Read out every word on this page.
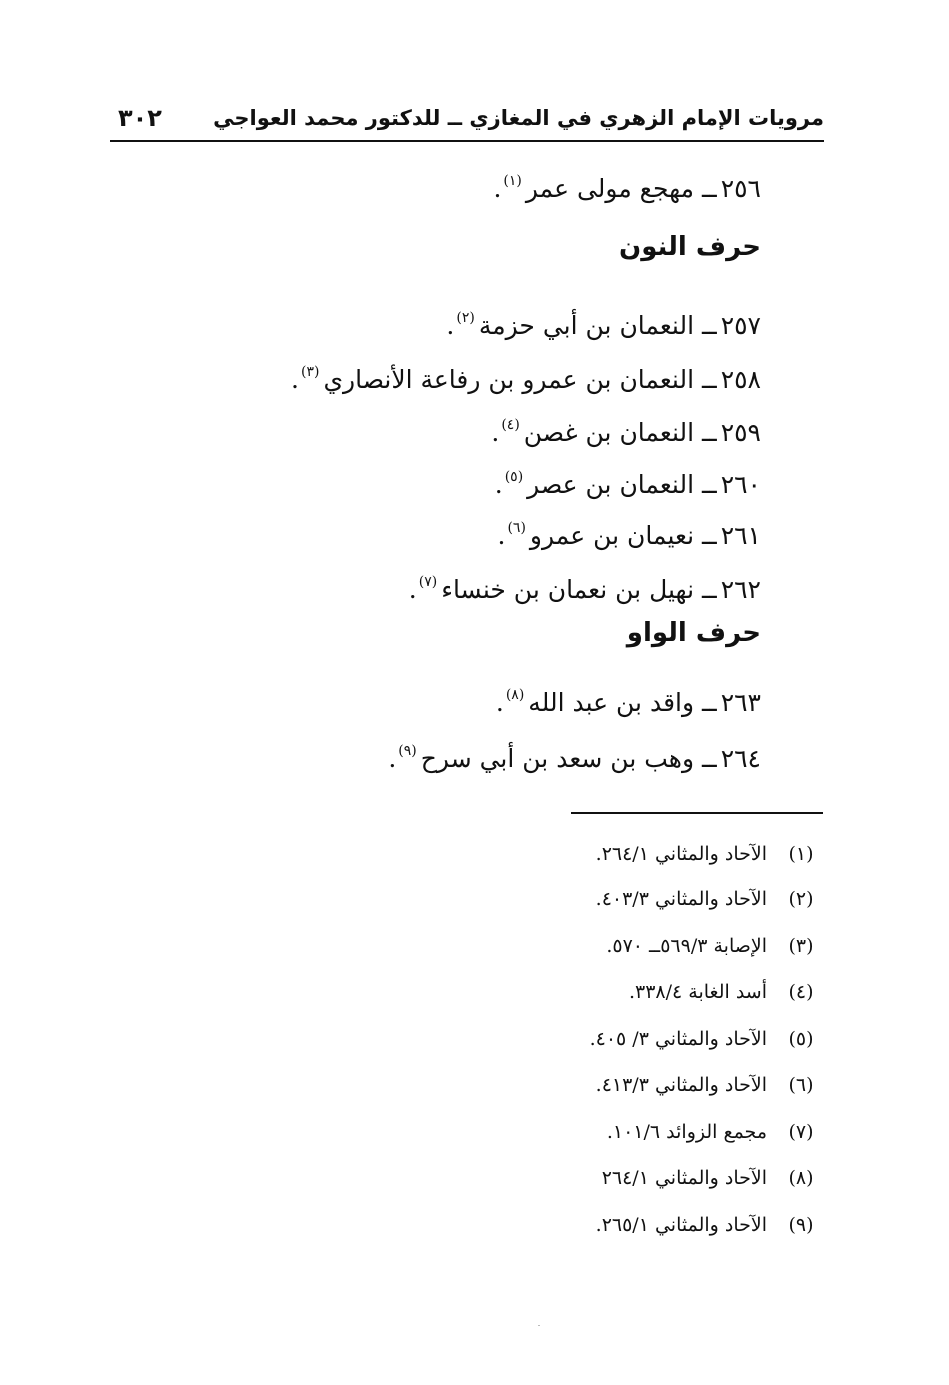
مرويات الإمام الزهري في المغازي ــ للدكتور محمد العواجي
٣٠٢
٢٥٦ــمهجع مولى عمر$^{(١)}$.
حرف النون
٢٥٧ــالنعمان بن أبي حزمة$^{(٢)}$.
٢٥٨ــالنعمان بن عمرو بن رفاعة الأنصاري$^{(٣)}$.
٢٥٩ــالنعمان بن غصن$^{(٤)}$.
٢٦٠ــالنعمان بن عصر$^{(٥)}$.
٢٦١ــنعيمان بن عمرو$^{(٦)}$.
٢٦٢ــنهيل بن نعمان بن خنساء$^{(٧)}$.
حرف الواو
٢٦٣ــواقد بن عبد الله$^{(٨)}$.
٢٦٤ــوهب بن سعد بن أبي سرح$^{(٩)}$.
(١)الآحاد والمثاني ٢٦٤/١.
(٢)الآحاد والمثاني ٤٠٣/٣.
(٣)الإصابة ٥٦٩/٣ــ ٥٧٠.
(٤)أسد الغابة ٣٣٨/٤.
(٥)الآحاد والمثاني ٣/ ٤٠٥.
(٦)الآحاد والمثاني ٤١٣/٣.
(٧)مجمع الزوائد ١٠١/٦.
(٨)الآحاد والمثاني ٢٦٤/١
(٩)الآحاد والمثاني ٢٦٥/١.
